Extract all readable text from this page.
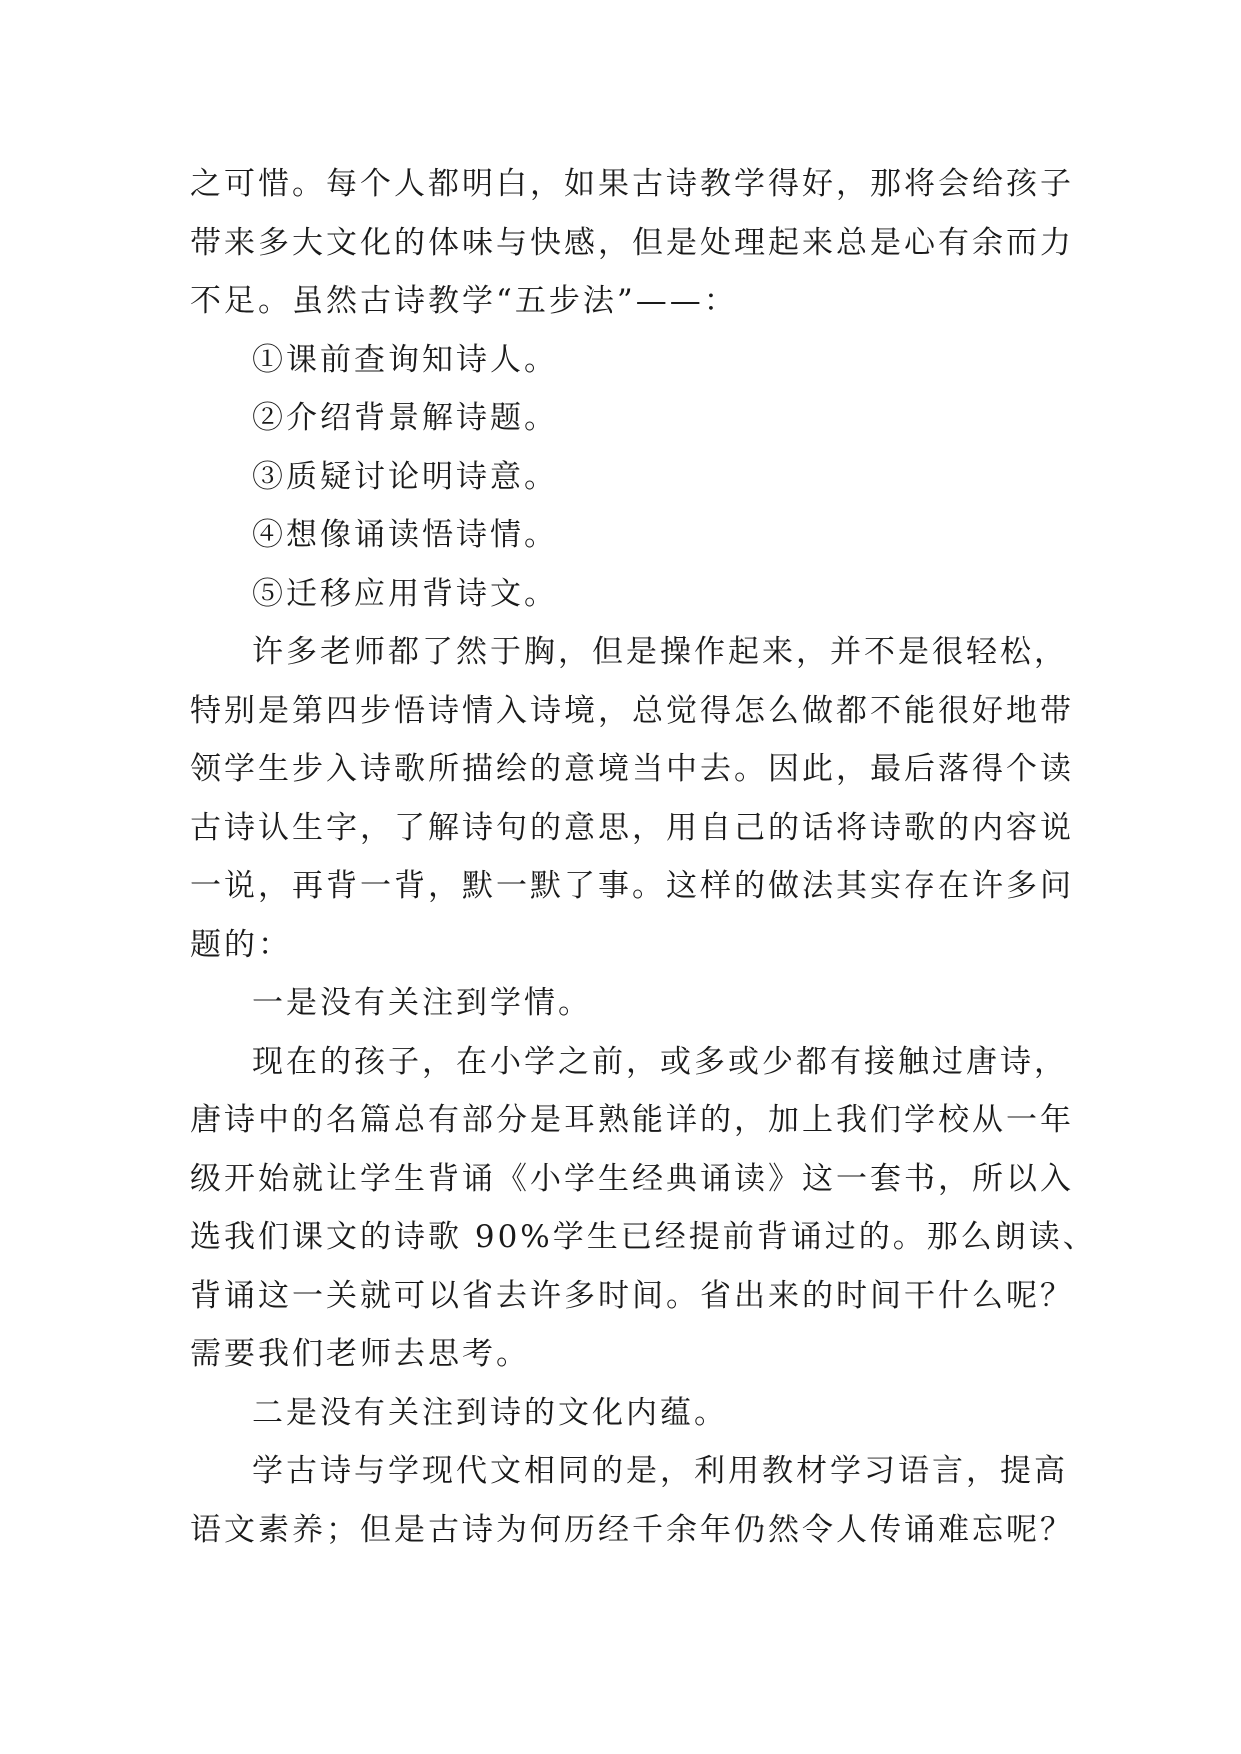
之可惜。每个人都明白，如果古诗教学得好，那将会给孩子
带来多大文化的体味与快感，但是处理起来总是心有余而力
不足。虽然古诗教学“五步法”——：
①课前查询知诗人。
②介绍背景解诗题。
③质疑讨论明诗意。
④想像诵读悟诗情。
⑤迁移应用背诗文。
许多老师都了然于胸，但是操作起来，并不是很轻松，
特别是第四步悟诗情入诗境，总觉得怎么做都不能很好地带
领学生步入诗歌所描绘的意境当中去。因此，最后落得个读
古诗认生字，了解诗句的意思，用自己的话将诗歌的内容说
一说，再背一背，默一默了事。这样的做法其实存在许多问
题的：
一是没有关注到学情。
现在的孩子，在小学之前，或多或少都有接触过唐诗，
唐诗中的名篇总有部分是耳熟能详的，加上我们学校从一年
级开始就让学生背诵《小学生经典诵读》这一套书，所以入
选我们课文的诗歌 90%学生已经提前背诵过的。那么朗读、
背诵这一关就可以省去许多时间。省出来的时间干什么呢？
需要我们老师去思考。
二是没有关注到诗的文化内蕴。
学古诗与学现代文相同的是，利用教材学习语言，提高
语文素养；但是古诗为何历经千余年仍然令人传诵难忘呢？
